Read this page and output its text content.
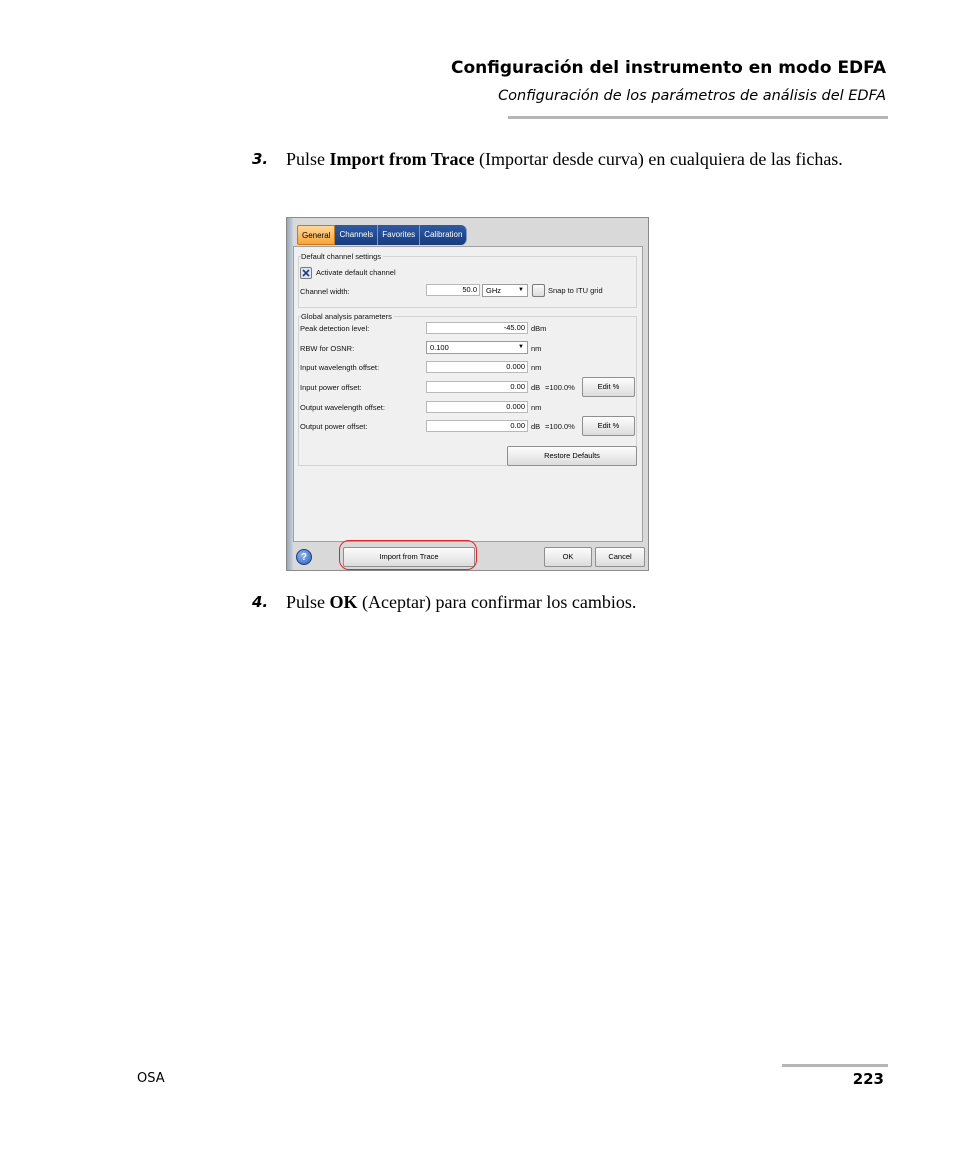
Configuración del instrumento en modo EDFA
Configuración de los parámetros de análisis del EDFA
3. Pulse Import from Trace (Importar desde curva) en cualquiera de las fichas.
General	Channels	Favorites	Calibration
Default channel settings
Activate default channel
Channel width:	50.0	GHz	▼	Snap to ITU grid
Global analysis parameters
Peak detection level:	-45.00 dBm
RBW for OSNR:	0.100	▼ nm
Input wavelength offset:	0.000 nm
Input power offset:	0.00 dB =100.0%	Edit %
Output wavelength offset:	0.000 nm
Output power offset:	0.00 dB =100.0%	Edit %
Restore Defaults
?	Import from Trace	OK	Cancel
4. Pulse OK (Aceptar) para confirmar los cambios.
OSA	223
